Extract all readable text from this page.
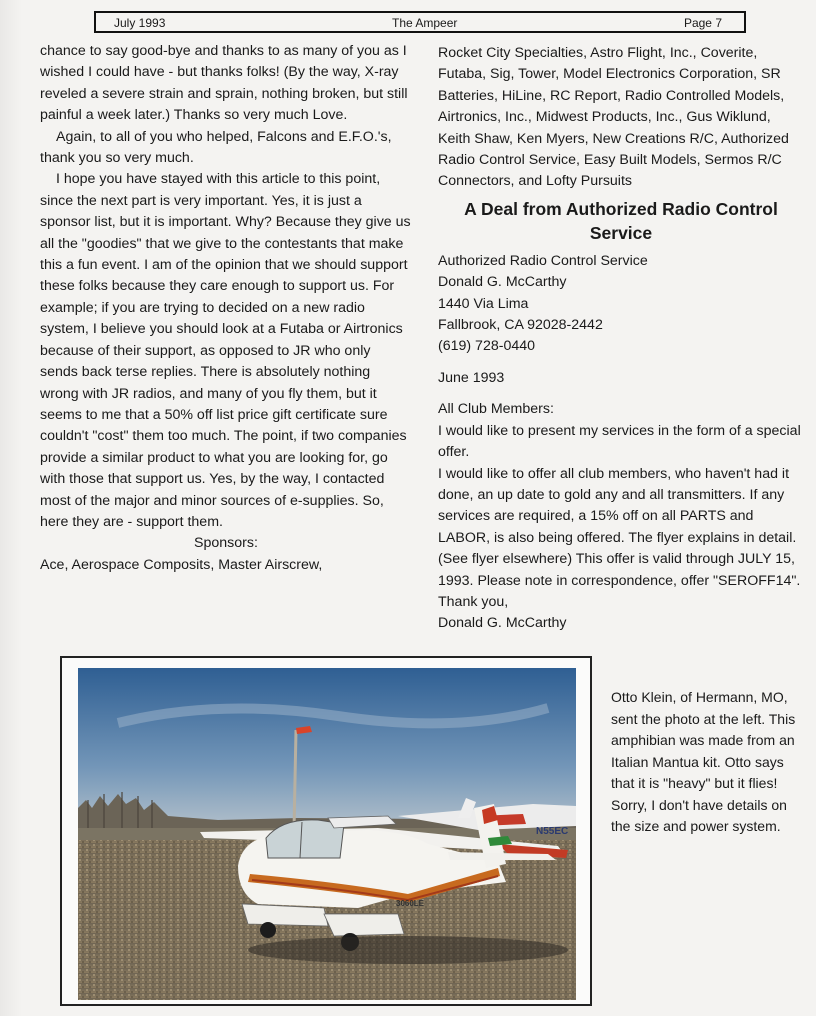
July 1993	The Ampeer	Page 7

chance to say good-bye and thanks to as many of you as I wished I could have - but thanks folks! (By the way, X-ray reveled a severe strain and sprain, nothing broken, but still painful a week later.) Thanks so very much Love.

Again, to all of you who helped, Falcons and E.F.O.'s, thank you so very much.

I hope you have stayed with this article to this point, since the next part is very important. Yes, it is just a sponsor list, but it is important. Why? Because they give us all the "goodies" that we give to the contestants that make this a fun event. I am of the opinion that we should support these folks because they care enough to support us. For example; if you are trying to decided on a new radio system, I believe you should look at a Futaba or Airtronics because of their support, as opposed to JR who only sends back terse replies. There is absolutely nothing wrong with JR radios, and many of you fly them, but it seems to me that a 50% off list price gift certificate sure couldn't "cost" them too much. The point, if two companies provide a similar product to what you are looking for, go with those that support us. Yes, by the way, I contacted most of the major and minor sources of e-supplies. So, here they are - support them.

Sponsors:

Ace, Aerospace Composits, Master Airscrew,

Rocket City Specialties, Astro Flight, Inc., Coverite, Futaba, Sig, Tower, Model Electronics Corporation, SR Batteries, HiLine, RC Report, Radio Controlled Models, Airtronics, Inc., Midwest Products, Inc., Gus Wiklund, Keith Shaw, Ken Myers, New Creations R/C, Authorized Radio Control Service, Easy Built Models, Sermos R/C Connectors, and Lofty Pursuits

A Deal from Authorized Radio Control Service

Authorized Radio Control Service

Donald G. McCarthy

1440 Via Lima

Fallbrook, CA 92028-2442

(619) 728-0440

June 1993

All Club Members:

I would like to present my services in the form of a special offer.

I would like to offer all club members, who haven't had it done, an up date to gold any and all transmitters. If any services are required, a 15% off on all PARTS and LABOR, is also being offered. The flyer explains in detail. (See flyer elsewhere) This offer is valid through JULY 15, 1993. Please note in correspondence, offer "SEROFF14".

Thank you,

Donald G. McCarthy

N55EC
3060LE
Otto Klein, of Hermann, MO, sent the photo at the left. This amphibian was made from an Italian Mantua kit. Otto says that it is "heavy" but it flies! Sorry, I don't have details on the size and power system.
